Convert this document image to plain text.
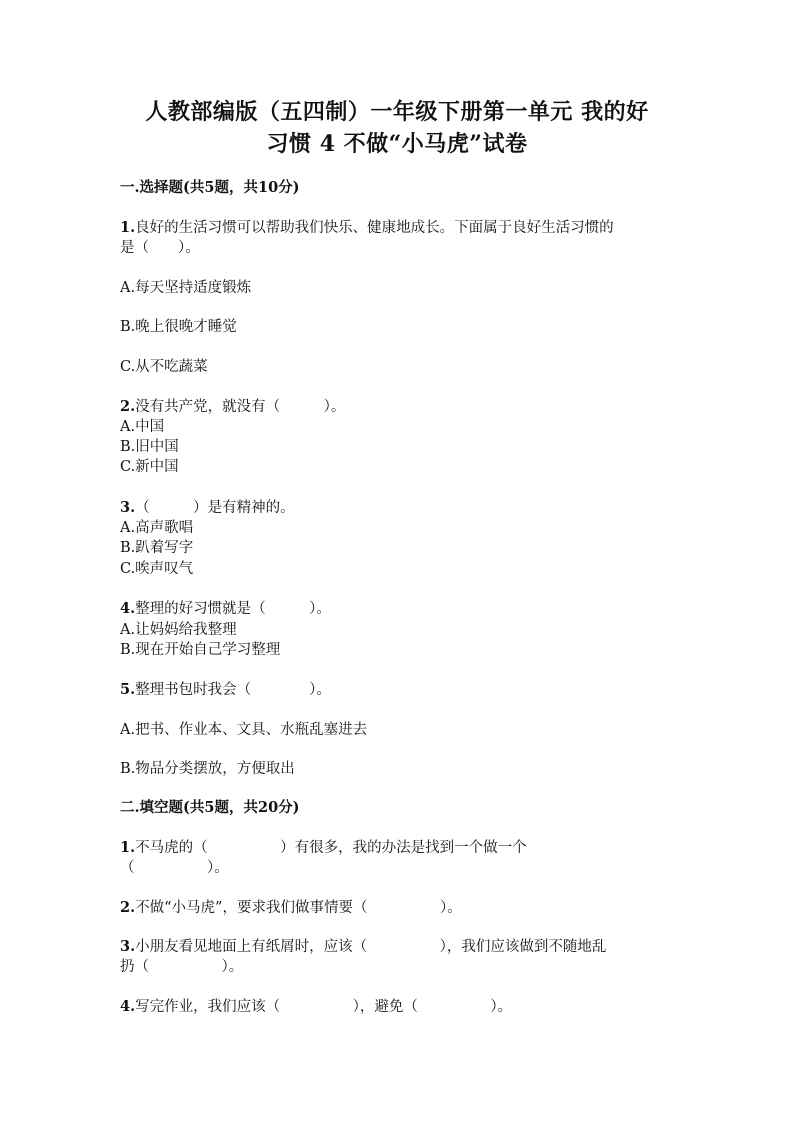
人教部编版（五四制）一年级下册第一单元 我的好
习惯 4 不做“小马虎”试卷
一.选择题(共5题，共10分)
1.良好的生活习惯可以帮助我们快乐、健康地成长。下面属于良好生活习惯的
是（　　）。
A.每天坚持适度锻炼
B.晚上很晚才睡觉
C.从不吃蔬菜
2.没有共产党，就没有（　　　）。
A.中国
B.旧中国
C.新中国
3.（　　　）是有精神的。
A.高声歌唱
B.趴着写字
C.唉声叹气
4.整理的好习惯就是（　　　）。
A.让妈妈给我整理
B.现在开始自己学习整理
5.整理书包时我会（　　　　）。
A.把书、作业本、文具、水瓶乱塞进去
B.物品分类摆放，方便取出
二.填空题(共5题，共20分)
1.不马虎的（　　　　　）有很多，我的办法是找到一个做一个
（　　　　　）。
2.不做“小马虎”，要求我们做事情要（　　　　　）。
3.小朋友看见地面上有纸屑时，应该（　　　　　），我们应该做到不随地乱
扔（　　　　　）。
4.写完作业，我们应该（　　　　　），避免（　　　　　）。
